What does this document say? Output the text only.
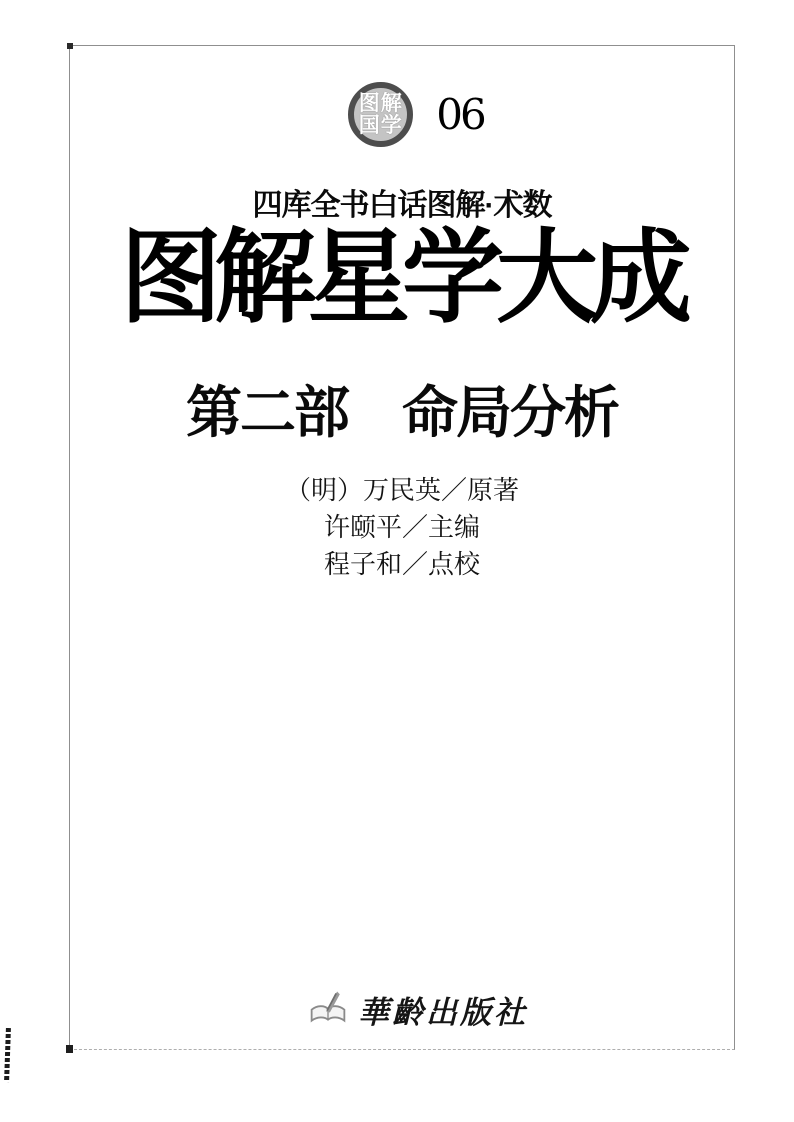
图解
国学 06
四库全书白话图解·术数
图解星学大成
第二部　命局分析
（明）万民英／原著
许颐平／主编
程子和／点校
華齡出版社
